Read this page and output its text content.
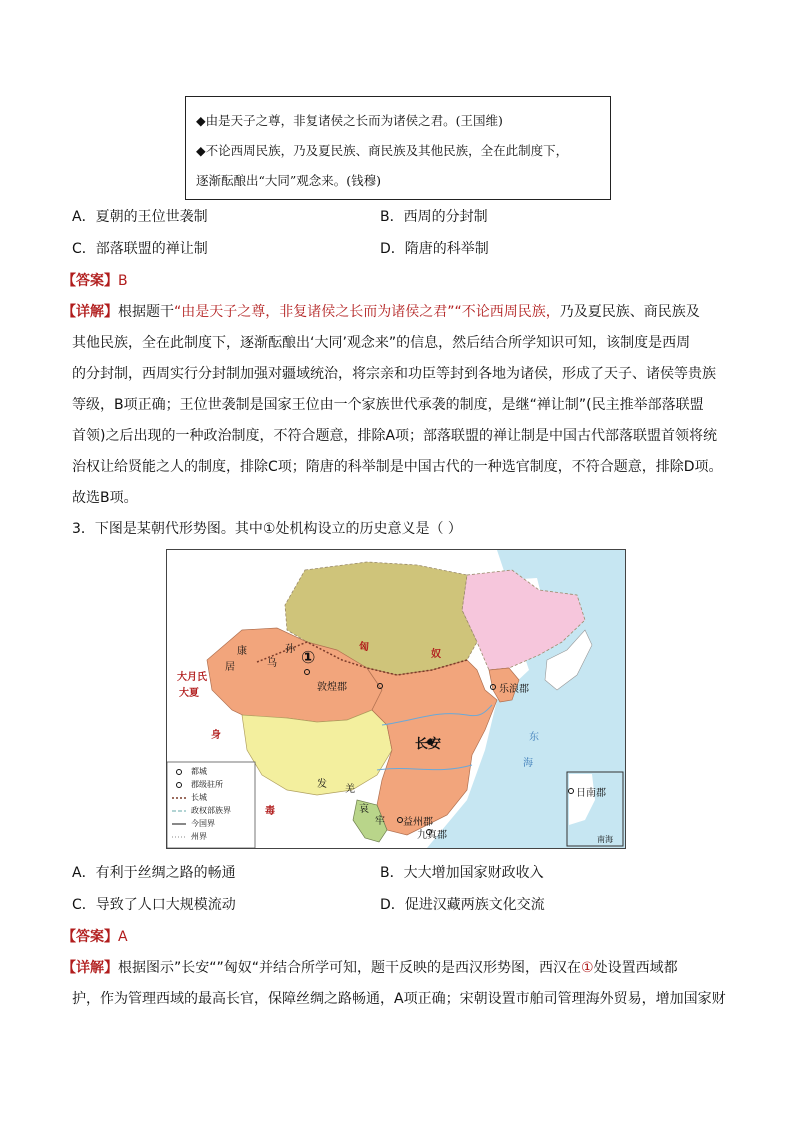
◆由是天子之尊，非复诸侯之长而为诸侯之君。(王国维)
◆不论西周民族，乃及夏民族、商民族及其他民族，全在此制度下，
逐渐酝酿出“大同”观念来。(钱穆)
A．夏朝的王位世袭制	B．西周的分封制
C．部落联盟的禅让制	D．隋唐的科举制
【答案】B
【详解】根据题干“由是天子之尊，非复诸侯之长而为诸侯之君”“不论西周民族，乃及夏民族、商民族及
其他民族，全在此制度下，逐渐酝酿出‘大同’观念来”的信息，然后结合所学知识可知，该制度是西周
的分封制，西周实行分封制加强对疆域统治，将宗亲和功臣等封到各地为诸侯，形成了天子、诸侯等贵族
等级，B项正确；王位世袭制是国家王位由一个家族世代承袭的制度，是继“禅让制”(民主推举部落联盟
首领)之后出现的一种政治制度，不符合题意，排除A项；部落联盟的禅让制是中国古代部落联盟首领将统
治权让给贤能之人的制度，排除C项；隋唐的科举制是中国古代的一种选官制度，不符合题意，排除D项。
故选B项。
3．下图是某朝代形势图。其中①处机构设立的历史意义是（ ）
匈
奴
康
居	乌
孙 ①
大月氏
大夏
身
毒
敦煌郡	乐浪郡
长安
发 羌
哀
牢 益州郡
九真郡
日南郡
南海
东
海
都城
郡级驻所
长城
政权部族界
今国界
州界
A．有利于丝绸之路的畅通	B．大大增加国家财政收入
C．导致了人口大规模流动	D．促进汉藏两族文化交流
【答案】A
【详解】根据图示”长安“”匈奴“并结合所学可知，题干反映的是西汉形势图，西汉在①处设置西域都
护，作为管理西域的最高长官，保障丝绸之路畅通，A项正确；宋朝设置市舶司管理海外贸易，增加国家财
